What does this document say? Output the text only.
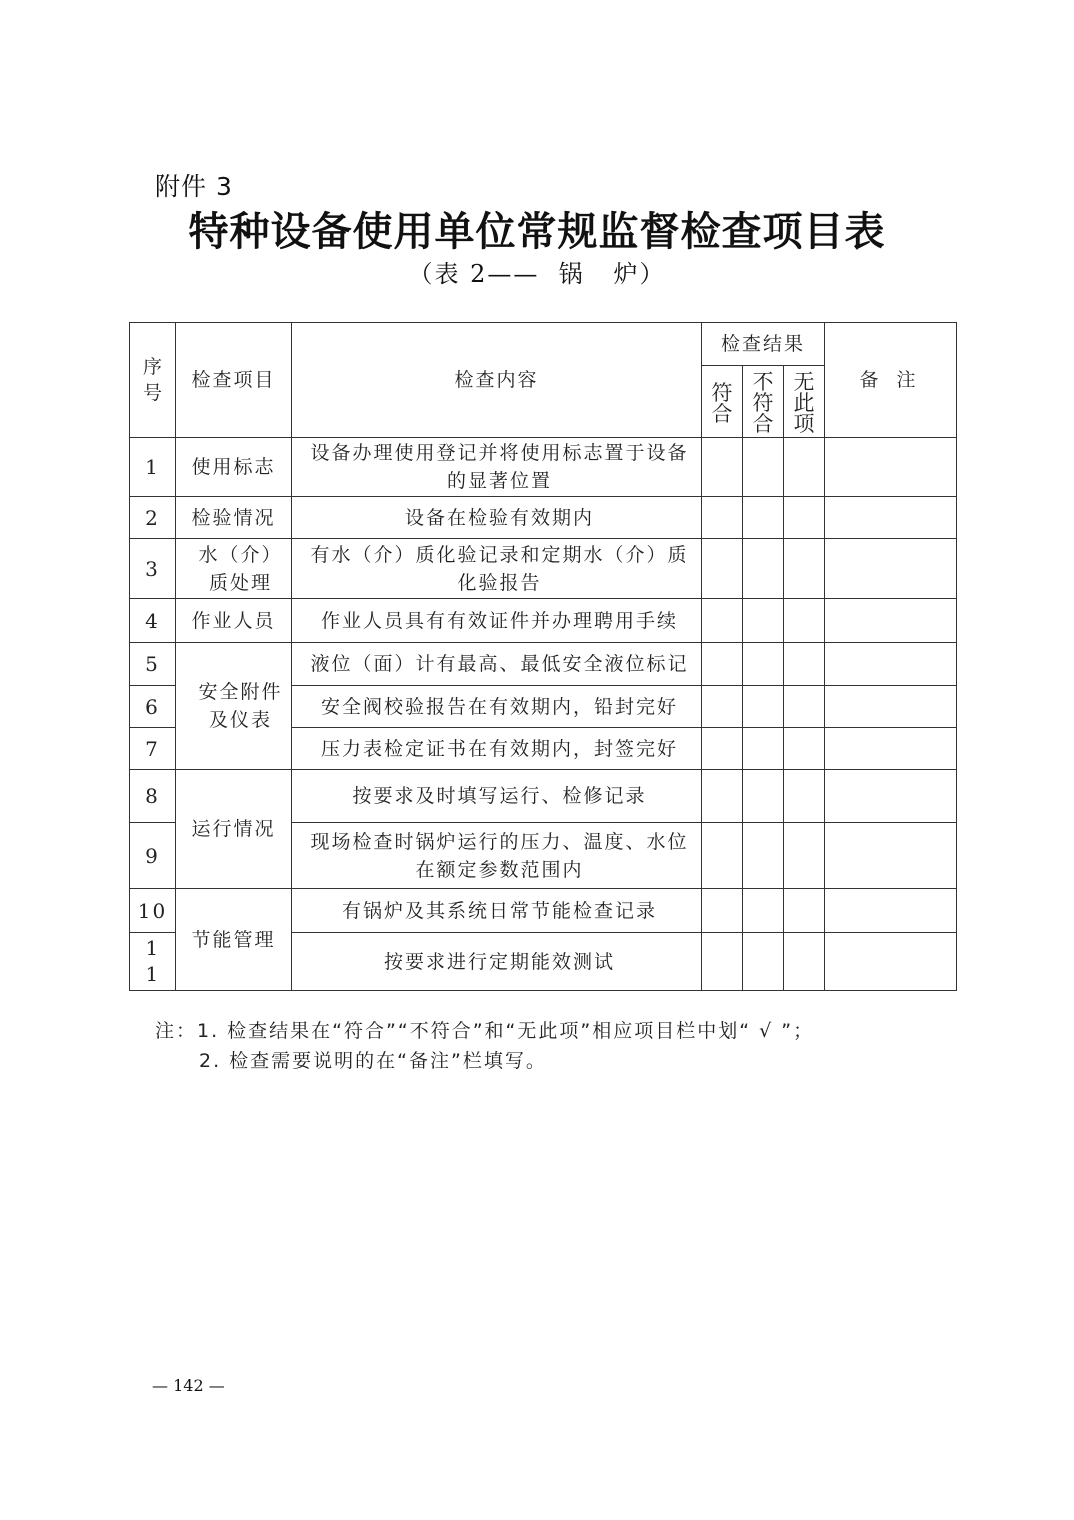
附件 3
特种设备使用单位常规监督检查项目表
（表 2——  锅   炉）
序号	检查项目	检查内容	检查结果			备 注
			符合	不符合	无此项	
1	使用标志	设备办理使用登记并将使用标志置于设备的显著位置				
2	检验情况	设备在检验有效期内				
3	水（介）质处理	有水（介）质化验记录和定期水（介）质化验报告				
4	作业人员	作业人员具有有效证件并办理聘用手续				
5	安全附件及仪表	液位（面）计有最高、最低安全液位标记				
6		安全阀校验报告在有效期内，铅封完好				
7		压力表检定证书在有效期内，封签完好				
8	运行情况	按要求及时填写运行、检修记录				
9		现场检查时锅炉运行的压力、温度、水位在额定参数范围内				
10	节能管理	有锅炉及其系统日常节能检查记录				
11		按要求进行定期能效测试				
注：1. 检查结果在“符合”“不符合”和“无此项”相应项目栏中划“ √ ”；
2. 检查需要说明的在“备注”栏填写。
— 142 —
